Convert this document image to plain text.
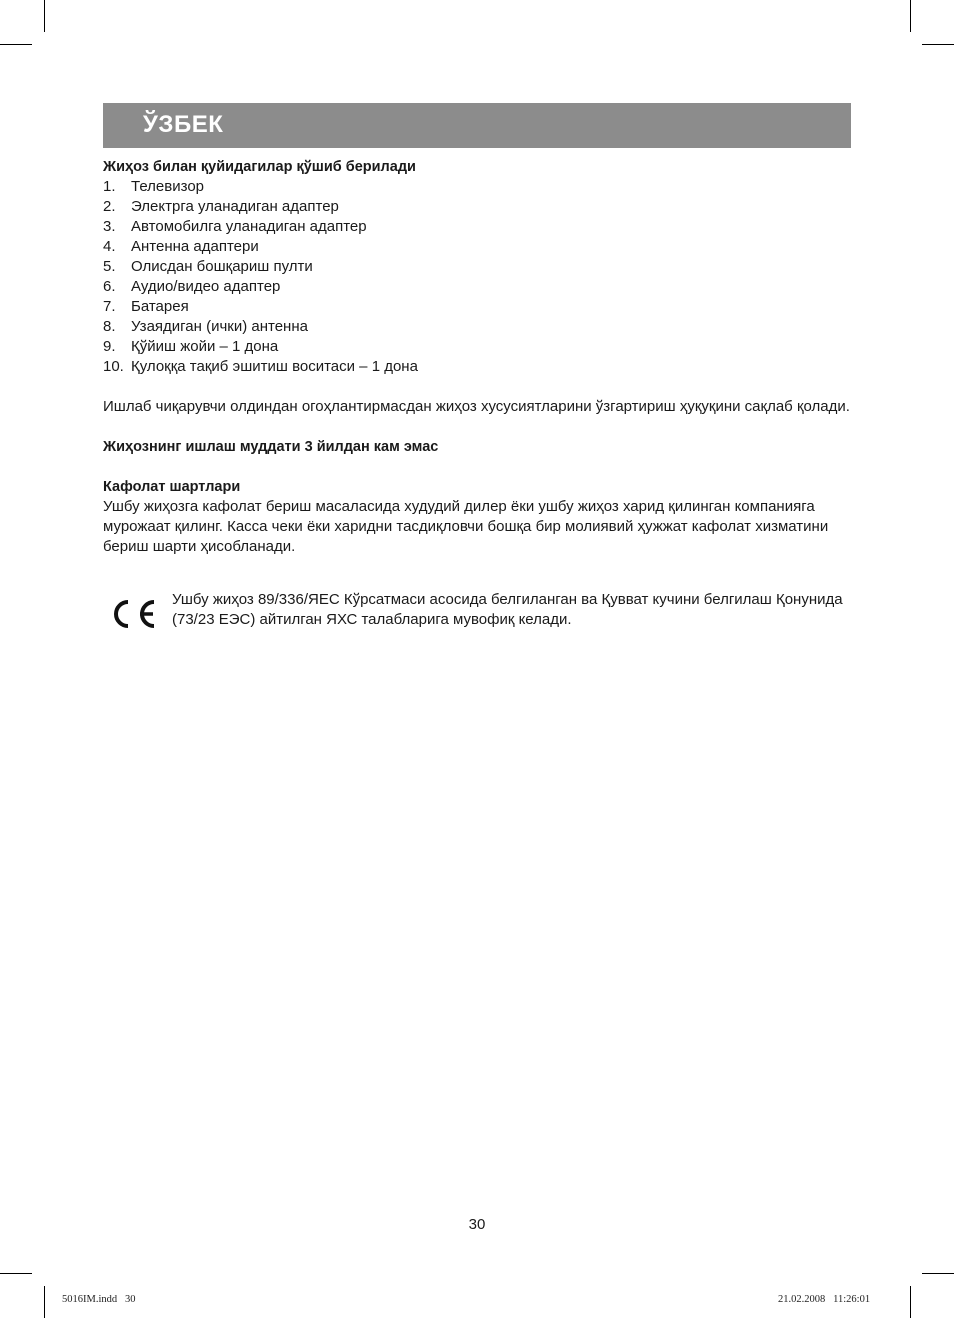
ЎЗБЕК
Жиҳоз билан қуйидагилар қўшиб берилади
1.	Телевизор
2.	Электрга уланадиган адаптер
3.	Автомобилга уланадиган адаптер
4.	Антенна адаптери
5.	Олисдан бошқариш пулти
6.	Аудио/видео адаптер
7.	Батарея
8.	Узаядиган (ички) антенна
9.	Қўйиш жойи – 1 дона
10. Қулоққа тақиб эшитиш воситаси – 1 дона

Ишлаб чиқарувчи олдиндан огоҳлантирмасдан жиҳоз хусусиятларини ўзгартириш ҳуқуқини сақлаб қолади.

Жиҳознинг ишлаш муддати 3 йилдан кам эмас
Кафолат шартлари

Ушбу жиҳозга кафолат бериш масаласида худудий дилер ёки ушбу жиҳоз харид қилинган компанияга мурожаат қилинг. Касса чеки ёки харидни тасдиқловчи бошқа бир молиявий ҳужжат кафолат хизматини бериш шарти ҳисобланади.

Ушбу жиҳоз 89/336/ЯЕС Кўрсатмаси асосида белгиланган ва Қувват кучини белгилаш Қонунида (73/23 ЕЭС) айтилган ЯХС талабларига мувофиқ келади.
30
5016IM.indd   30	21.02.2008   11:26:01
